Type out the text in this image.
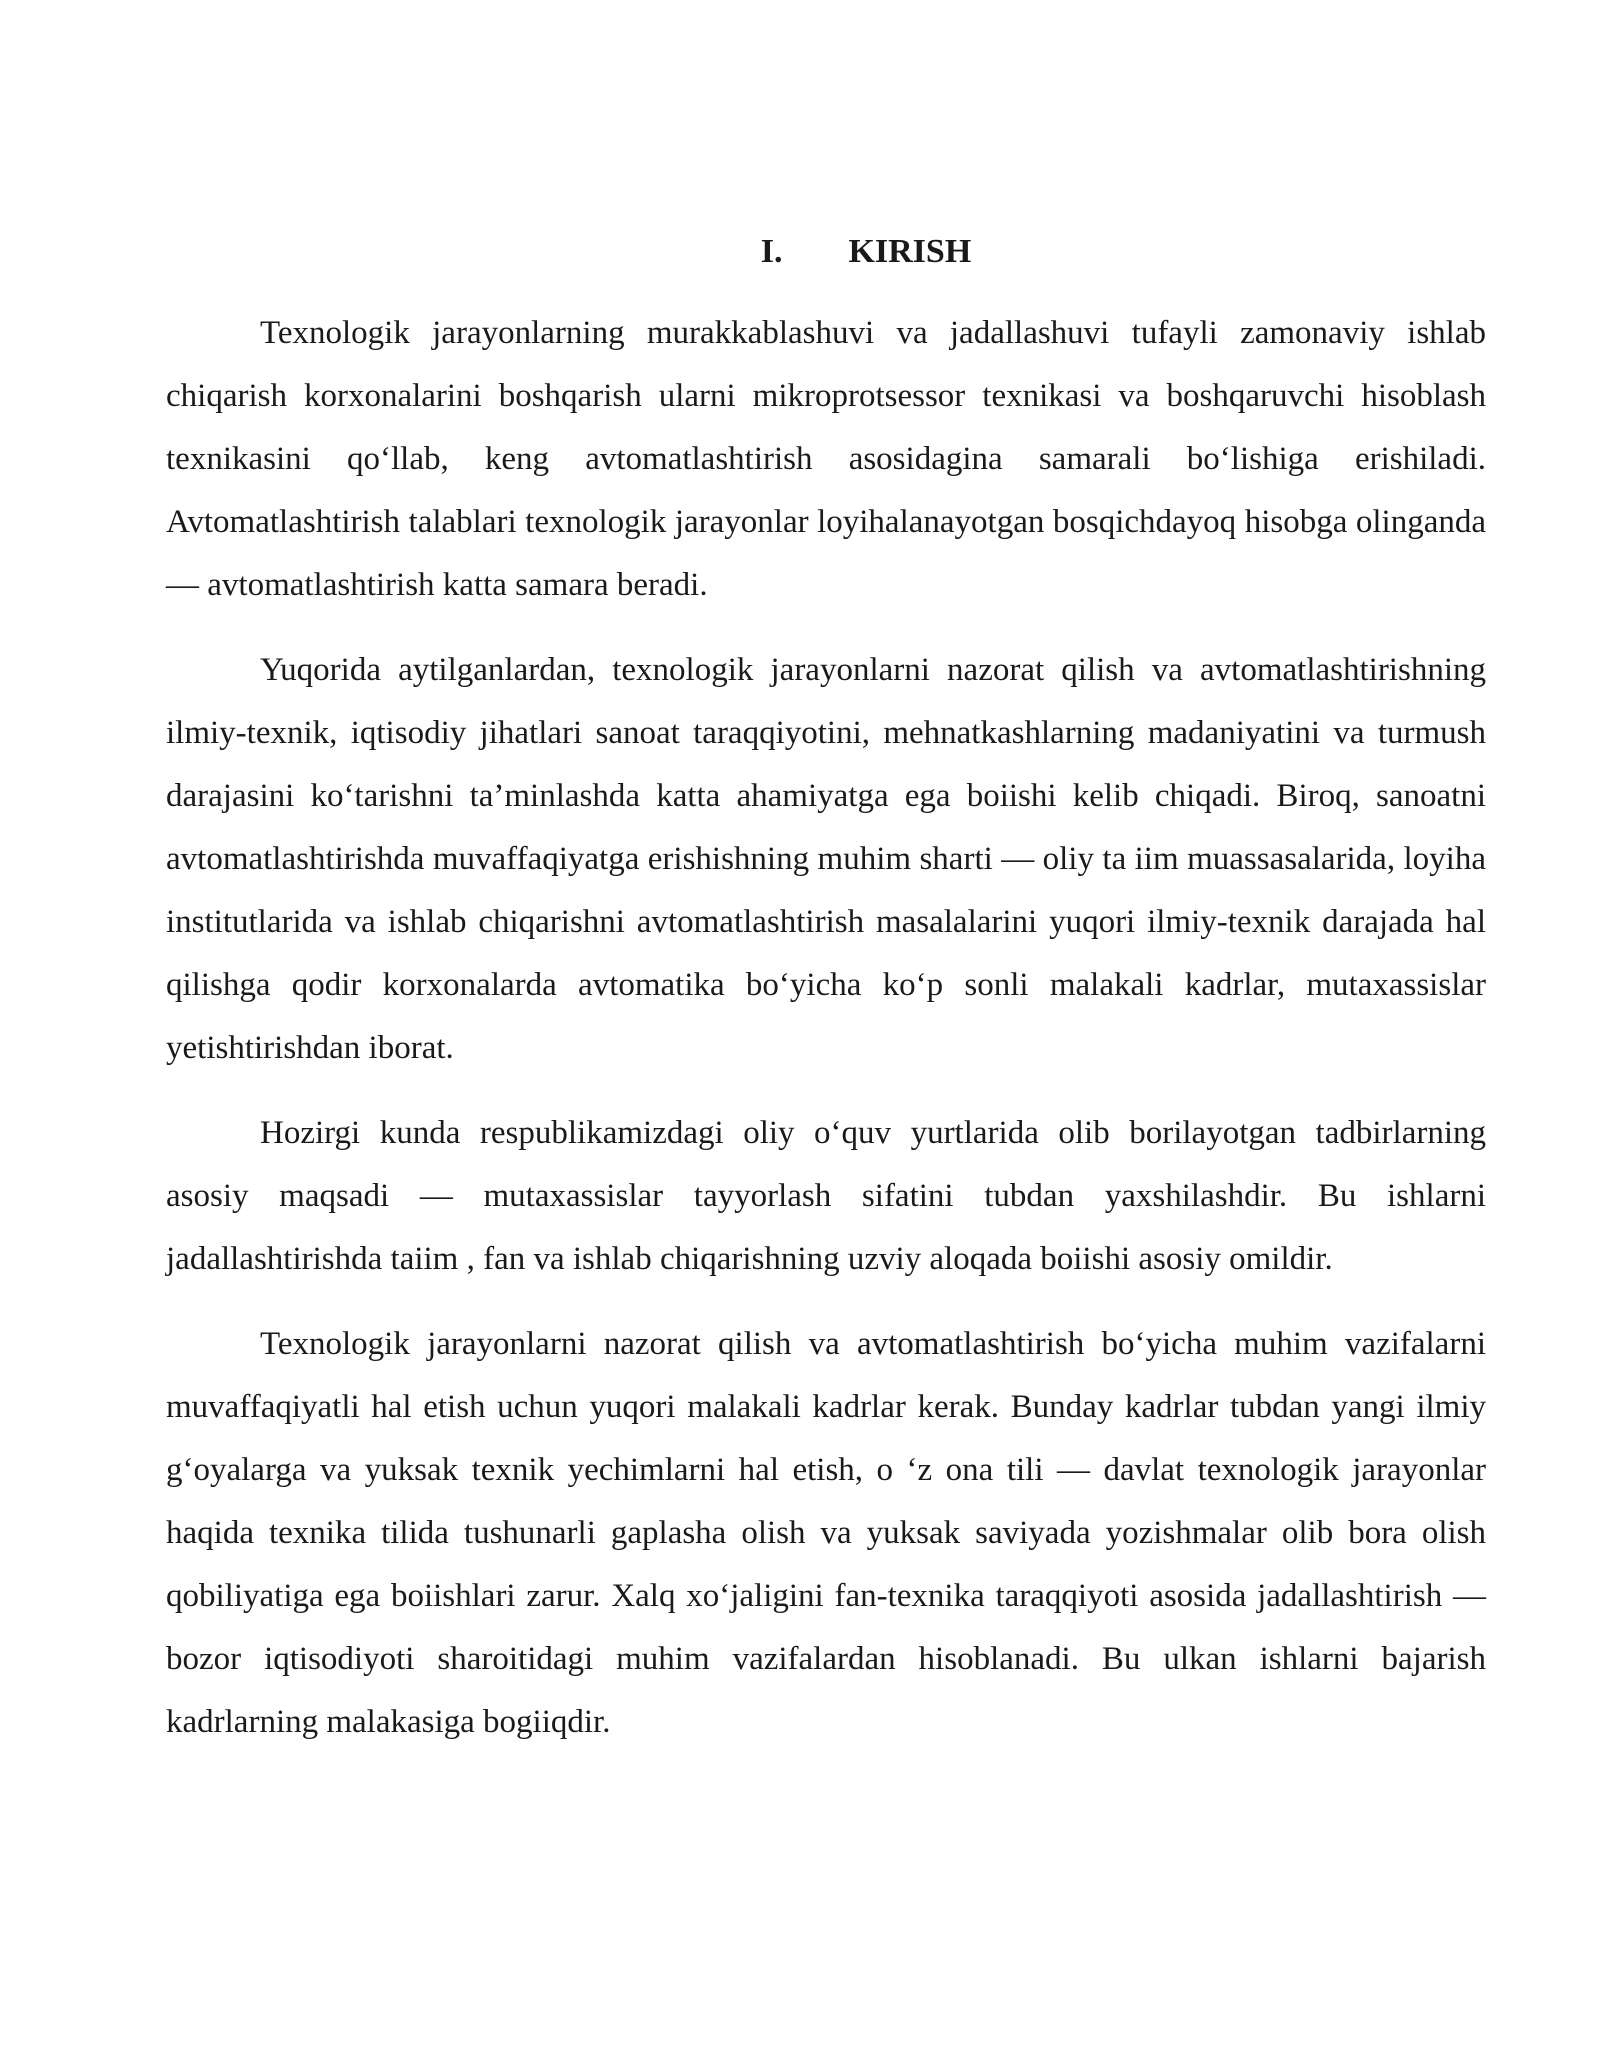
I. KIRISH

Texnologik jarayonlarning murakkablashuvi va jadallashuvi tufayli zamonaviy ishlab chiqarish korxonalarini boshqarish ularni mikroprotsessor texnikasi va boshqaruvchi hisoblash texnikasini qo‘llab, keng avtomatlashtirish asosidagina samarali bo‘lishiga erishiladi. Avtomatlashtirish talablari texnologik jarayonlar loyihalanayotgan bosqichdayoq hisobga olinganda — avtomatlashtirish katta samara beradi.

Yuqorida aytilganlardan, texnologik jarayonlarni nazorat qilish va avtomatlashtirishning ilmiy-texnik, iqtisodiy jihatlari sanoat taraqqiyotini, mehnatkashlarning madaniyatini va turmush darajasini ko‘tarishni ta’minlashda katta ahamiyatga ega boiishi kelib chiqadi. Biroq, sanoatni avtomatlashtirishda muvaffaqiyatga erishishning muhim sharti — oliy ta iim muassasalarida, loyiha institutlarida va ishlab chiqarishni avtomatlashtirish masalalarini yuqori ilmiy-texnik darajada hal qilishga qodir korxonalarda avtomatika bo‘yicha ko‘p sonli malakali kadrlar, mutaxassislar yetishtirishdan iborat.

Hozirgi kunda respublikamizdagi oliy o‘quv yurtlarida olib borilayotgan tadbirlarning asosiy maqsadi — mutaxassislar tayyorlash sifatini tubdan yaxshilashdir. Bu ishlarni jadallashtirishda taiim , fan va ishlab chiqarishning uzviy aloqada boiishi asosiy omildir.

Texnologik jarayonlarni nazorat qilish va avtomatlashtirish bo‘yicha muhim vazifalarni muvaffaqiyatli hal etish uchun yuqori malakali kadrlar kerak. Bunday kadrlar tubdan yangi ilmiy g‘oyalarga va yuksak texnik yechimlarni hal etish, o ‘z ona tili — davlat texnologik jarayonlar haqida texnika tilida tushunarli gaplasha olish va yuksak saviyada yozishmalar olib bora olish qobiliyatiga ega boiishlari zarur. Xalq xo‘jaligini fan-texnika taraqqiyoti asosida jadallashtirish — bozor iqtisodiyoti sharoitidagi muhim vazifalardan hisoblanadi. Bu ulkan ishlarni bajarish kadrlarning malakasiga bogiiqdir.
